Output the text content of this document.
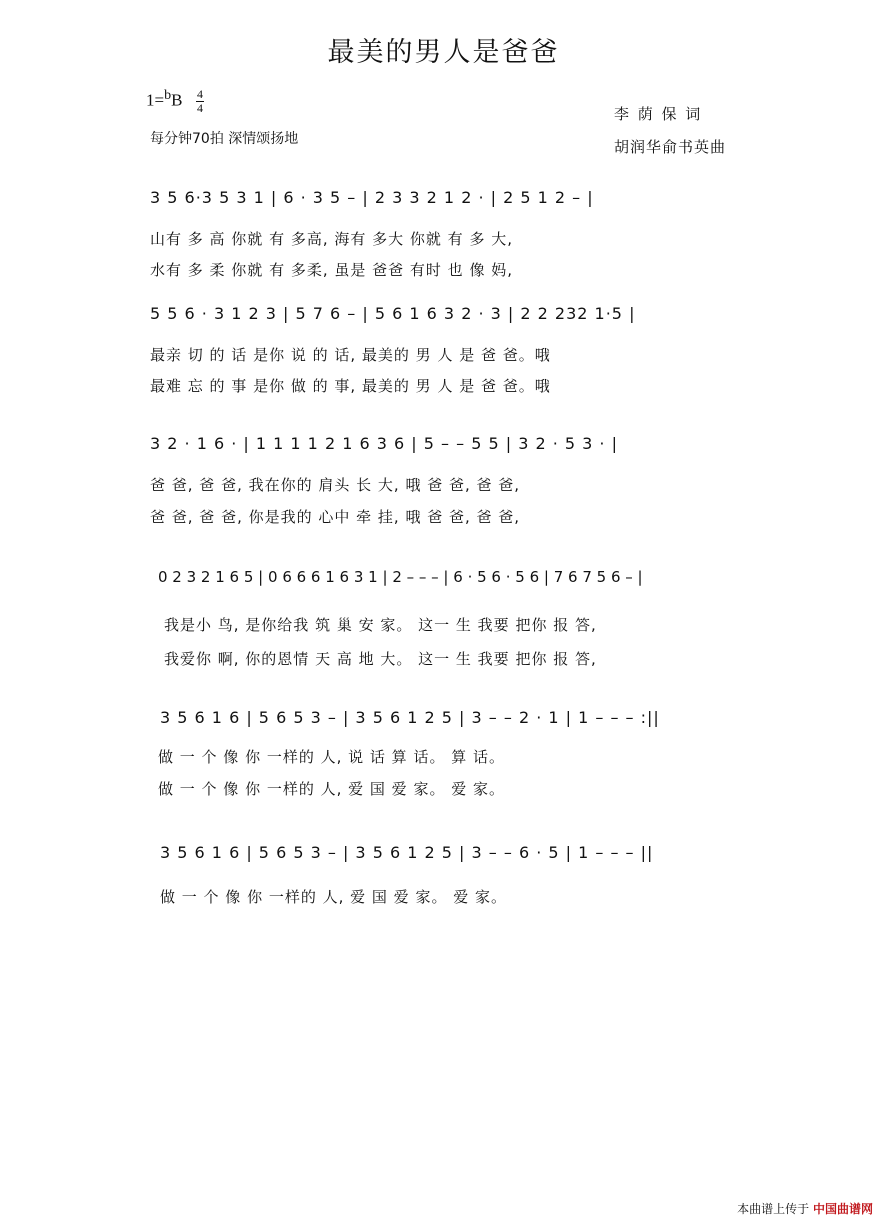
最美的男人是爸爸
1=$^b$B 4
4
每分钟70拍 深情颂扬地
李 荫 保 词
胡润华俞书英曲
3 5 6·3 5 3 1 | 6 · 3 5 – | 2 3 3 2 1 2 · | 2 5 1 2 – |
山有 多 高 你就 有 多高, 海有 多大 你就 有 多 大,
水有 多 柔 你就 有 多柔, 虽是 爸爸 有时 也 像 妈,
5 5 6 · 3 1 2 3 | 5 7 6 – | 5 6 1 6 3 2 · 3 | 2 2 232 1·5 |
最亲 切 的 话 是你 说 的 话, 最美的 男 人 是 爸 爸。哦
最难 忘 的 事 是你 做 的 事, 最美的 男 人 是 爸 爸。哦
3 2 · 1 6 · | 1 1 1 1 2 1 6 3 6 | 5 – – 5 5 | 3 2 · 5 3 · |
爸 爸, 爸 爸, 我在你的 肩头 长 大, 哦 爸 爸, 爸 爸,
爸 爸, 爸 爸, 你是我的 心中 牵 挂, 哦 爸 爸, 爸 爸,
0 2 3 2 1 6 5 | 0 6 6 6 1 6 3 1 | 2 – – – | 6 · 5 6 · 5 6 | 7 6 7 5 6 – |
我是小 鸟, 是你给我 筑 巢 安 家。 这一 生 我要 把你 报 答,
我爱你 啊, 你的恩情 天 高 地 大。 这一 生 我要 把你 报 答,
3 5 6 1 6 | 5 6 5 3 – | 3 5 6 1 2 5 | 3 – – 2 · 1 | 1 – – – :||
做 一 个 像 你 一样的 人, 说 话 算 话。 算 话。
做 一 个 像 你 一样的 人, 爱 国 爱 家。 爱 家。
3 5 6 1 6 | 5 6 5 3 – | 3 5 6 1 2 5 | 3 – – 6 · 5 | 1 – – – ||
做 一 个 像 你 一样的 人, 爱 国 爱 家。 爱 家。
本曲谱上传于 中国曲谱网
